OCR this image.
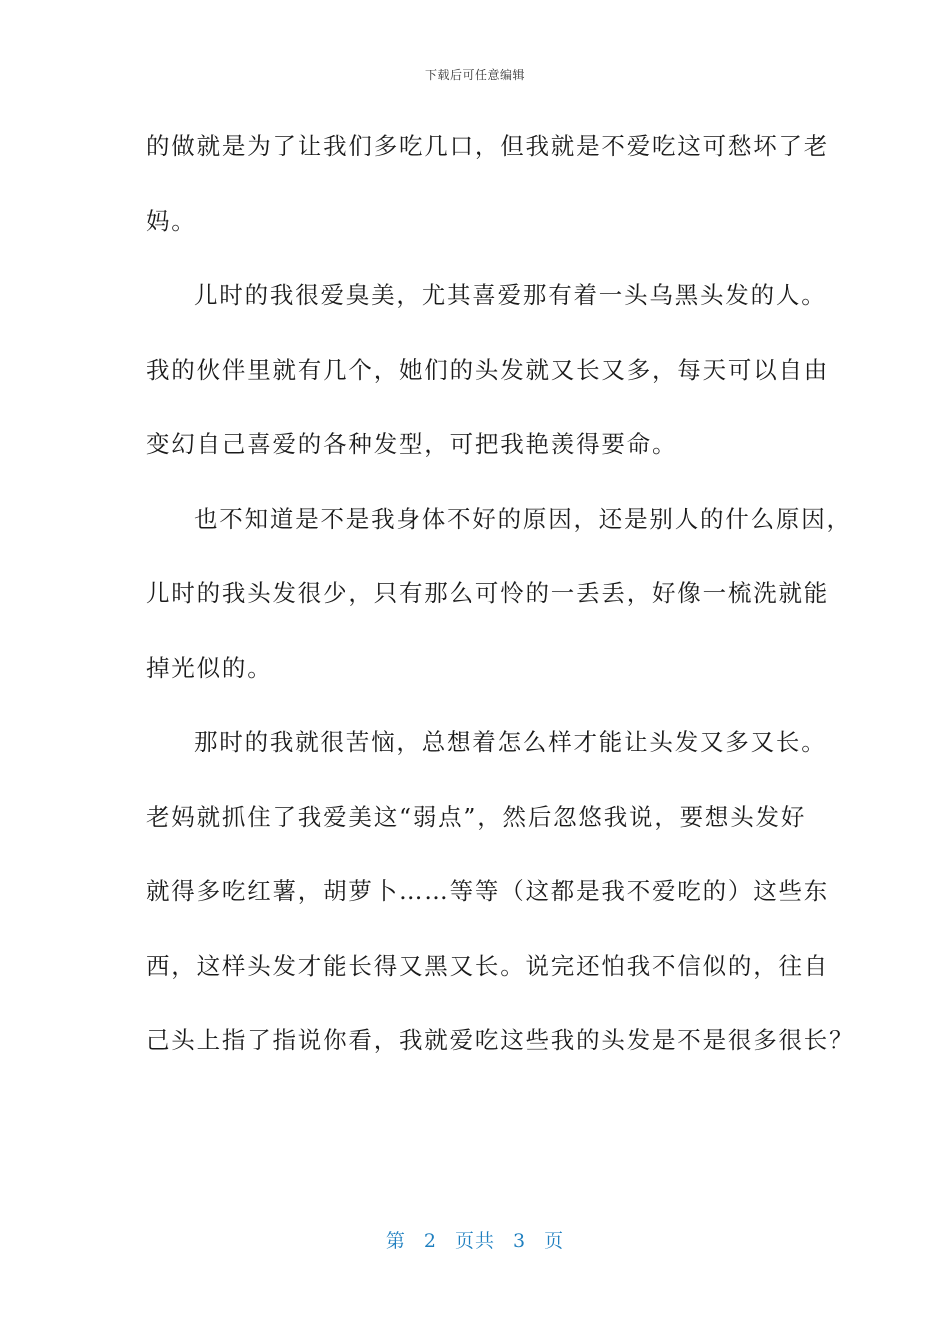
下载后可任意编辑
的做就是为了让我们多吃几口，但我就是不爱吃这可愁坏了老
妈。
儿时的我很爱臭美，尤其喜爱那有着一头乌黑头发的人。
我的伙伴里就有几个，她们的头发就又长又多，每天可以自由
变幻自己喜爱的各种发型，可把我艳羡得要命。
也不知道是不是我身体不好的原因，还是别人的什么原因，
儿时的我头发很少，只有那么可怜的一丢丢，好像一梳洗就能
掉光似的。
那时的我就很苦恼，总想着怎么样才能让头发又多又长。
老妈就抓住了我爱美这“弱点”，然后忽悠我说，要想头发好
就得多吃红薯，胡萝卜……等等（这都是我不爱吃的）这些东
西，这样头发才能长得又黑又长。说完还怕我不信似的，往自
己头上指了指说你看，我就爱吃这些我的头发是不是很多很长？
第 2 页共 3 页
